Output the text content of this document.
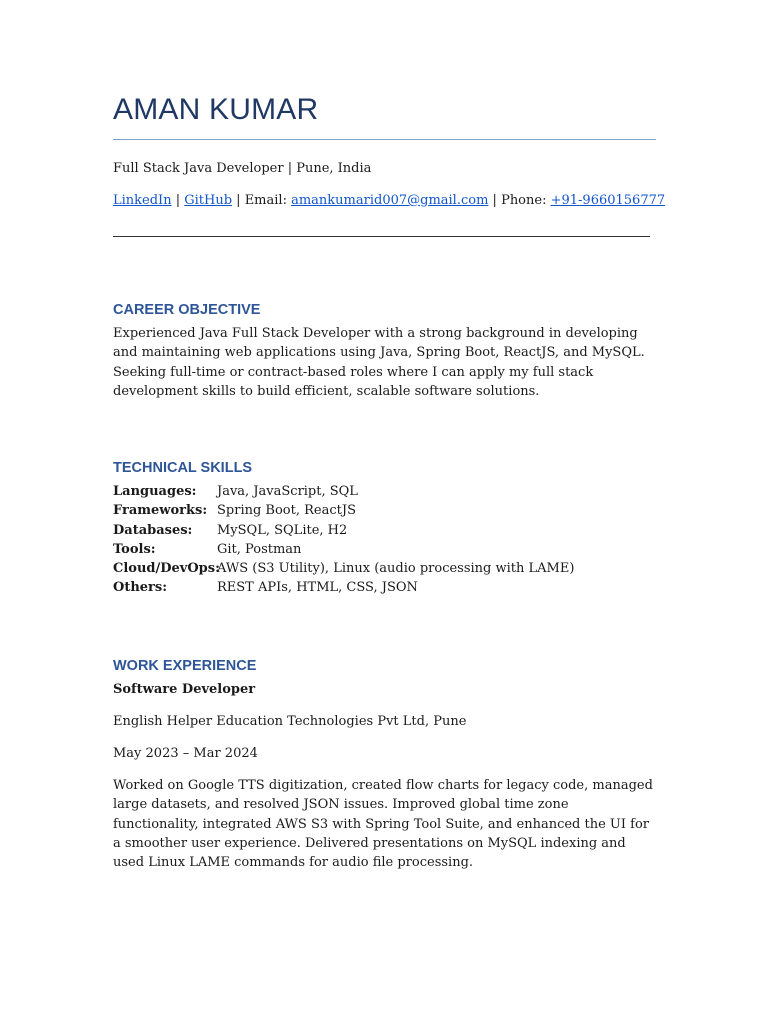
AMAN KUMAR
Full Stack Java Developer | Pune, India
LinkedIn | GitHub | Email: amankumarid007@gmail.com | Phone: +91-9660156777
CAREER OBJECTIVE
Experienced Java Full Stack Developer with a strong background in developing and maintaining web applications using Java, Spring Boot, ReactJS, and MySQL. Seeking full-time or contract-based roles where I can apply my full stack development skills to build efficient, scalable software solutions.
TECHNICAL SKILLS
Languages:	Java, JavaScript, SQL
Frameworks: Spring Boot, ReactJS
Databases:	MySQL, SQLite, H2
Tools:	Git, Postman
Cloud/DevOps:
AWS (S3 Utility), Linux (audio processing with LAME)
Others:	REST APIs, HTML, CSS, JSON
WORK EXPERIENCE
Software Developer
English Helper Education Technologies Pvt Ltd, Pune
May 2023 – Mar 2024
Worked on Google TTS digitization, created flow charts for legacy code, managed large datasets, and resolved JSON issues. Improved global time zone functionality, integrated AWS S3 with Spring Tool Suite, and enhanced the UI for a smoother user experience. Delivered presentations on MySQL indexing and used Linux LAME commands for audio file processing.
